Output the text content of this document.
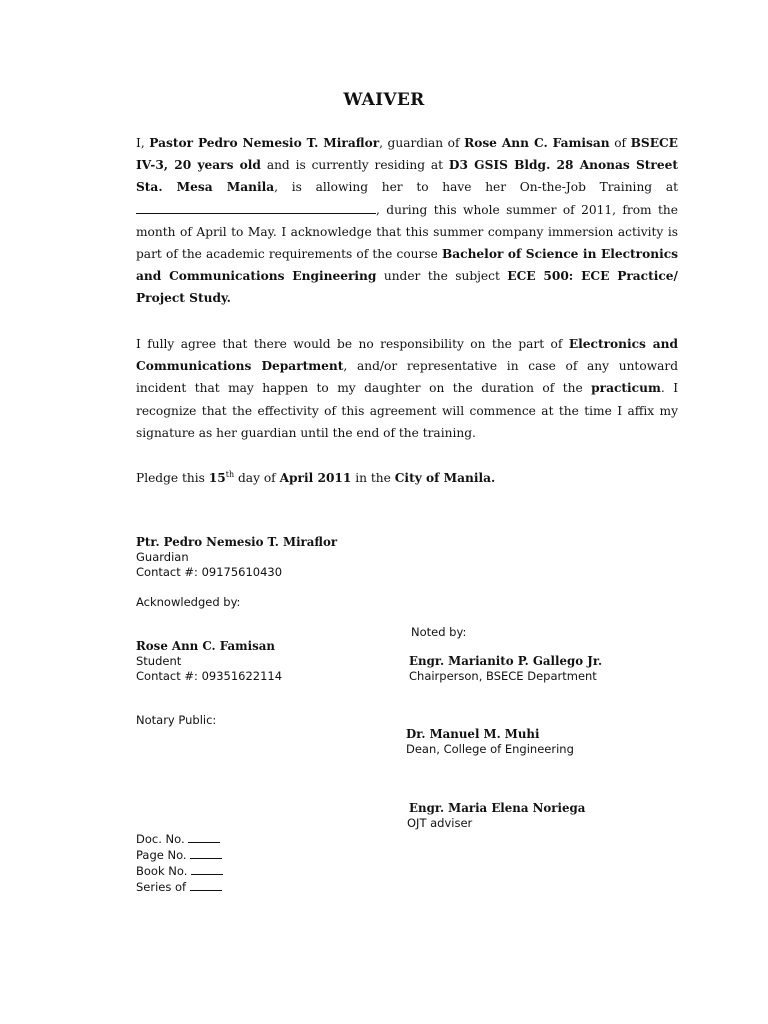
WAIVER
I, Pastor Pedro Nemesio T. Miraflor, guardian of Rose Ann C. Famisan of BSECE IV-3, 20 years old and is currently residing at D3 GSIS Bldg. 28 Anonas Street Sta. Mesa Manila, is allowing her to have her On-the-Job Training at , during this whole summer of 2011, from the month of April to May. I acknowledge that this summer company immersion activity is part of the academic requirements of the course Bachelor of Science in Electronics and Communications Engineering under the subject ECE 500: ECE Practice/ Project Study.
I fully agree that there would be no responsibility on the part of Electronics and Communications Department, and/or representative in case of any untoward incident that may happen to my daughter on the duration of the practicum. I recognize that the effectivity of this agreement will commence at the time I affix my signature as her guardian until the end of the training.
Pledge this 15th day of April 2011 in the City of Manila.
Ptr. Pedro Nemesio T. Miraflor
Guardian
Contact #: 09175610430
Acknowledged by:
Noted by:
Rose Ann C. Famisan
Student
Contact #: 09351622114
Engr. Marianito P. Gallego Jr.
Chairperson, BSECE Department
Notary Public:
Dr. Manuel M. Muhi
Dean, College of Engineering
Engr. Maria Elena Noriega
OJT adviser
Doc. No.
Page No.
Book No.
Series of
